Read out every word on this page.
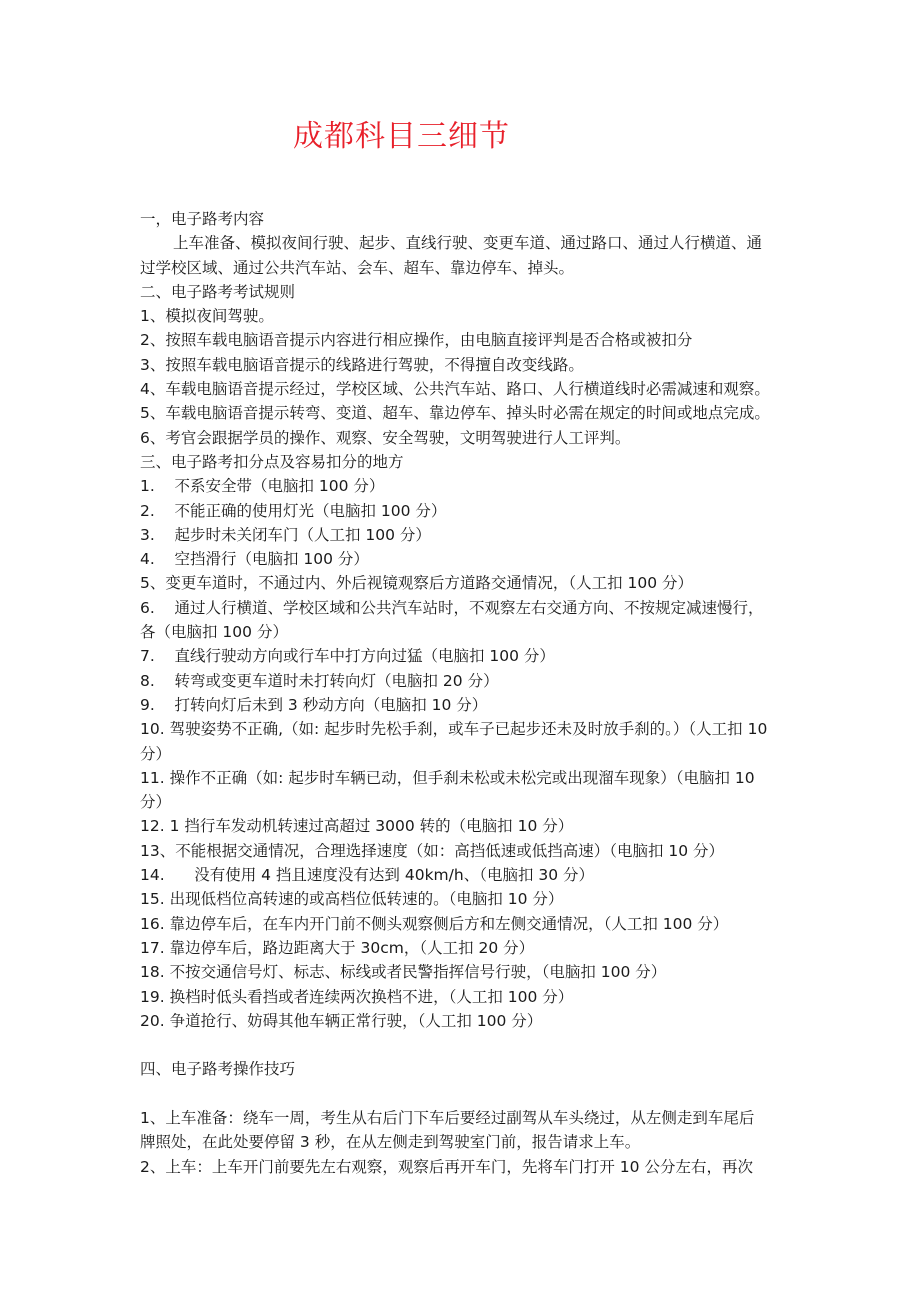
成都科目三细节
一，电子路考内容
上车准备、模拟夜间行驶、起步、直线行驶、变更车道、通过路口、通过人行横道、通
过学校区域、通过公共汽车站、会车、超车、靠边停车、掉头。
二、电子路考考试规则
1、模拟夜间驾驶。
2、按照车载电脑语音提示内容进行相应操作，由电脑直接评判是否合格或被扣分
3、按照车载电脑语音提示的线路进行驾驶，不得擅自改变线路。
4、车载电脑语音提示经过，学校区域、公共汽车站、路口、人行横道线时必需减速和观察。
5、车载电脑语音提示转弯、变道、超车、靠边停车、掉头时必需在规定的时间或地点完成。
6、考官会跟据学员的操作、观察、安全驾驶，文明驾驶进行人工评判。
三、电子路考扣分点及容易扣分的地方
1.    不系安全带（电脑扣 100 分）
2.    不能正确的使用灯光（电脑扣 100 分）
3.    起步时未关闭车门（人工扣 100 分）
4.    空挡滑行（电脑扣 100 分）
5、变更车道时，不通过内、外后视镜观察后方道路交通情况，（人工扣 100 分）
6.    通过人行横道、学校区域和公共汽车站时，不观察左右交通方向、不按规定减速慢行，
各（电脑扣 100 分）
7.    直线行驶动方向或行车中打方向过猛（电脑扣 100 分）
8.    转弯或变更车道时未打转向灯（电脑扣 20 分）
9.    打转向灯后未到 3 秒动方向（电脑扣 10 分）
10. 驾驶姿势不正确,（如: 起步时先松手刹，或车子已起步还未及时放手刹的。）（人工扣 10
分）
11. 操作不正确（如: 起步时车辆已动，但手刹未松或未松完或出现溜车现象）（电脑扣 10
分）
12. 1 挡行车发动机转速过高超过 3000 转的（电脑扣 10 分）
13、不能根据交通情况，合理选择速度（如：高挡低速或低挡高速）（电脑扣 10 分）
14.      没有使用 4 挡且速度没有达到 40km/h、（电脑扣 30 分）
15. 出现低档位高转速的或高档位低转速的。（电脑扣 10 分）
16. 靠边停车后，在车内开门前不侧头观察侧后方和左侧交通情况，（人工扣 100 分）
17. 靠边停车后，路边距离大于 30cm，（人工扣 20 分）
18. 不按交通信号灯、标志、标线或者民警指挥信号行驶，（电脑扣 100 分）
19. 换档时低头看挡或者连续两次换档不进，（人工扣 100 分）
20. 争道抢行、妨碍其他车辆正常行驶，（人工扣 100 分）
四、电子路考操作技巧
1、上车准备：绕车一周，考生从右后门下车后要经过副驾从车头绕过，从左侧走到车尾后
牌照处，在此处要停留 3 秒，在从左侧走到驾驶室门前，报告请求上车。
2、上车：上车开门前要先左右观察，观察后再开车门，先将车门打开 10 公分左右，再次
